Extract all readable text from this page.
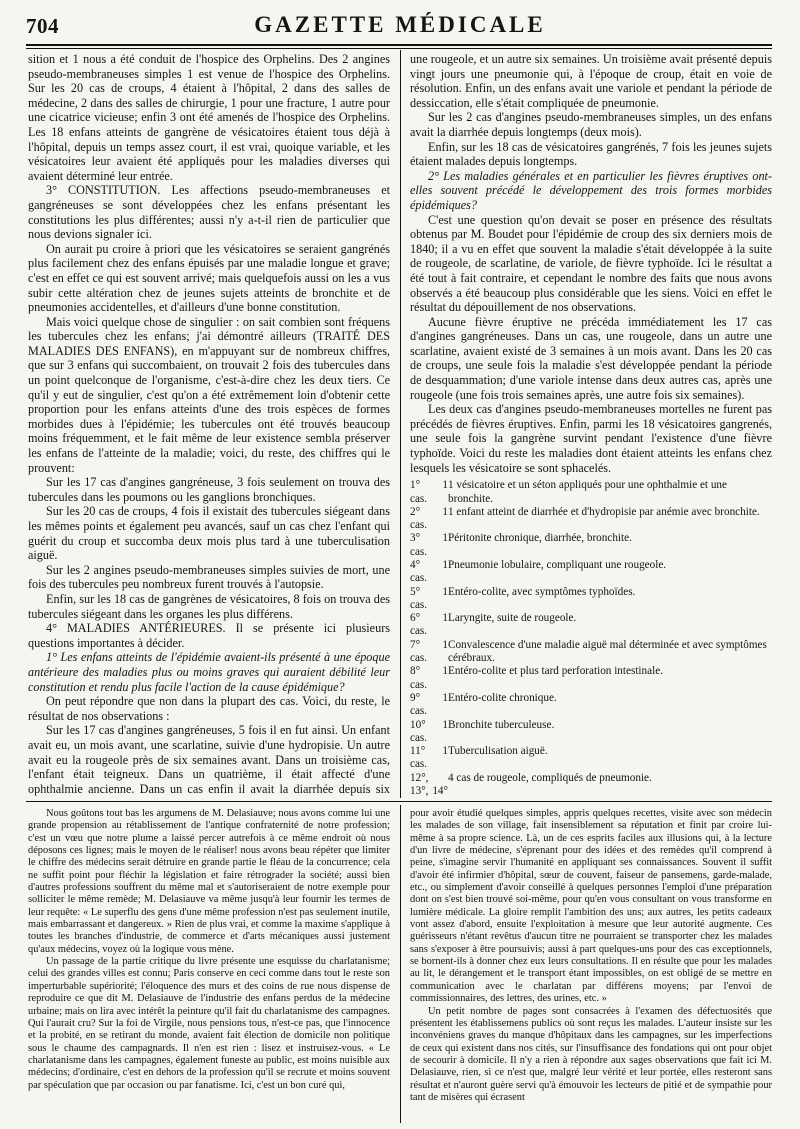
704	GAZETTE MÉDICALE

sition et 1 nous a été conduit de l'hospice des Orphelins. Des 2 angines pseudo-membraneuses simples 1 est venue de l'hospice des Orphelins. Sur les 20 cas de croups, 4 étaient à l'hôpital, 2 dans des salles de médecine, 2 dans des salles de chirurgie, 1 pour une fracture, 1 autre pour une cicatrice vicieuse; enfin 3 ont été amenés de l'hospice des Orphelins. Les 18 enfans atteints de gangrène de vésicatoires étaient tous déjà à l'hôpital, depuis un temps assez court, il est vrai, quoique variable, et les vésicatoires leur avaient été appliqués pour les maladies diverses qui avaient déterminé leur entrée.

3° CONSTITUTION. Les affections pseudo-membraneuses et gangréneuses se sont développées chez les enfans présentant les constitutions les plus différentes; aussi n'y a-t-il rien de particulier que nous devions signaler ici.

On aurait pu croire à priori que les vésicatoires se seraient gangrénés plus facilement chez des enfans épuisés par une maladie longue et grave; c'est en effet ce qui est souvent arrivé; mais quelquefois aussi on les a vus subir cette altération chez de jeunes sujets atteints de bronchite et de pneumonies accidentelles, et d'ailleurs d'une bonne constitution.

Mais voici quelque chose de singulier : on sait combien sont fréquens les tubercules chez les enfans; j'ai démontré ailleurs (TRAITÉ DES MALADIES DES ENFANS), en m'appuyant sur de nombreux chiffres, que sur 3 enfans qui succombaient, on trouvait 2 fois des tubercules dans un point quelconque de l'organisme, c'est-à-dire chez les deux tiers. Ce qu'il y eut de singulier, c'est qu'on a été extrêmement loin d'obtenir cette proportion pour les enfans atteints d'une des trois espèces de formes morbides dues à l'épidémie; les tubercules ont été trouvés beaucoup moins fréquemment, et le fait même de leur existence sembla préserver les enfans de l'atteinte de la maladie; voici, du reste, des chiffres qui le prouvent:

Sur les 17 cas d'angines gangréneuse, 3 fois seulement on trouva des tubercules dans les poumons ou les ganglions bronchiques.

Sur les 20 cas de croups, 4 fois il existait des tubercules siégeant dans les mêmes points et également peu avancés, sauf un cas chez l'enfant qui guérit du croup et succomba deux mois plus tard à une tuberculisation aiguë.

Sur les 2 angines pseudo-membraneuses simples suivies de mort, une fois des tubercules peu nombreux furent trouvés à l'autopsie.

Enfin, sur les 18 cas de gangrènes de vésicatoires, 8 fois on trouva des tubercules siégeant dans les organes les plus différens.

4° MALADIES ANTÉRIEURES. Il se présente ici plusieurs questions importantes à décider.

1° Les enfans atteints de l'épidémie avaient-ils présenté à une époque antérieure des maladies plus ou moins graves qui auraient débilité leur constitution et rendu plus facile l'action de la cause épidémique?

On peut répondre que non dans la plupart des cas. Voici, du reste, le résultat de nos observations :

Sur les 17 cas d'angines gangréneuses, 5 fois il en fut ainsi. Un enfant avait eu, un mois avant, une scarlatine, suivie d'une hydropisie. Un autre avait eu la rougeole près de six semaines avant. Dans un troisième cas, l'enfant était teigneux. Dans un quatrième, il était affecté d'une ophthalmie ancienne. Dans un cas enfin il avait la diarrhée depuis six

une rougeole, et un autre six semaines. Un troisième avait présenté depuis vingt jours une pneumonie qui, à l'époque de croup, était en voie de résolution. Enfin, un des enfans avait une variole et pendant la période de dessiccation, elle s'était compliquée de pneumonie.

Sur les 2 cas d'angines pseudo-membraneuses simples, un des enfans avait la diarrhée depuis longtemps (deux mois).

Enfin, sur les 18 cas de vésicatoires gangrénés, 7 fois les jeunes sujets étaient malades depuis longtemps.

2° Les maladies générales et en particulier les fièvres éruptives ont-elles souvent précédé le développement des trois formes morbides épidémiques?

C'est une question qu'on devait se poser en présence des résultats obtenus par M. Boudet pour l'épidémie de croup des six derniers mois de 1840; il a vu en effet que souvent la maladie s'était développée à la suite de rougeole, de scarlatine, de variole, de fièvre typhoïde. Ici le résultat a été tout à fait contraire, et cependant le nombre des faits que nous avons observés a été beaucoup plus considérable que les siens. Voici en effet le résultat du dépouillement de nos observations.

Aucune fièvre éruptive ne précéda immédiatement les 17 cas d'angines gangréneuses. Dans un cas, une rougeole, dans un autre une scarlatine, avaient existé de 3 semaines à un mois avant. Dans les 20 cas de croups, une seule fois la maladie s'est développée pendant la période de desquammation; d'une variole intense dans deux autres cas, après une rougeole (une fois trois semaines après, une autre fois six semaines).

Les deux cas d'angines pseudo-membraneuses mortelles ne furent pas précédés de fièvres éruptives. Enfin, parmi les 18 vésicatoires gangrenés, une seule fois la gangrène survint pendant l'existence d'une fièvre typhoïde. Voici du reste les maladies dont étaient atteints les enfans chez lesquels les vésicatoire se sont sphacelés.

1° 1 cas.
1 vésicatoire et un séton appliqués pour une ophthalmie et une bronchite.
2° 1 cas.
1 enfant atteint de diarrhée et d'hydropisie par anémie avec bronchite.
3° 1 cas.
Péritonite chronique, diarrhée, bronchite.
4° 1 cas.
Pneumonie lobulaire, compliquant une rougeole.
5° 1 cas.
Entéro-colite, avec symptômes typhoïdes.
6° 1 cas.
Laryngite, suite de rougeole.
7° 1 cas.
Convalescence d'une maladie aiguë mal déterminée et avec symptômes cérébraux.
8° 1 cas.
Entéro-colite et plus tard perforation intestinale.
9° 1 cas.
Entéro-colite chronique.
10° 1 cas.
Bronchite tuberculeuse.
11° 1 cas.
Tuberculisation aiguë.
12°, 13°, 14°
4 cas de rougeole, compliqués de pneumonie.

Nous goûtons tout bas les argumens de M. Delasiauve; nous avons comme lui une grande propension au rétablissement de l'antique confraternité de notre profession; c'est un vœu que notre plume a laissé percer autrefois à ce même endroit où nous déposons ces lignes; mais le moyen de le réaliser! nous avons beau répéter que limiter le chiffre des médecins serait détruire en grande partie le fléau de la concurrence; cela ne suffit point pour fléchir la législation et faire rétrograder la société; aussi bien d'autres professions souffrent du même mal et s'autoriseraient de notre exemple pour solliciter le même remède; M. Delasiauve va même jusqu'à leur fournir les termes de leur requête: « Le superflu des gens d'une même profession n'est pas seulement inutile, mais embarrassant et dangereux. » Rien de plus vrai, et comme la maxime s'applique à toutes les branches d'industrie, de commerce et d'arts mécaniques aussi justement qu'aux médecins, voyez où la logique vous mène.

Un passage de la partie critique du livre présente une esquisse du charlatanisme; celui des grandes villes est connu; Paris conserve en ceci comme dans tout le reste son imperturbable supériorité; l'éloquence des murs et des coins de rue nous dispense de reproduire ce que dit M. Delasiauve de l'industrie des enfans perdus de la médecine urbaine; mais on lira avec intérêt la peinture qu'il fait du charlatanisme des campagnes. Qui l'aurait cru? Sur la foi de Virgile, nous pensions tous, n'est-ce pas, que l'innocence et la probité, en se retirant du monde, avaient fait élection de domicile non politique sous le chaume des campagnards. Il n'en est rien : lisez et instruisez-vous. « Le charlatanisme dans les campagnes, également funeste au public, est moins nuisible aux médecins; d'ordinaire, c'est en dehors de la profession qu'il se recrute et moins souvent par spéculation que par occasion ou par fanatisme. Ici, c'est un bon curé qui,

pour avoir étudié quelques simples, appris quelques recettes, visite avec son médecin les malades de son village, fait insensiblement sa réputation et finit par croire lui-même à sa propre science. Là, un de ces esprits faciles aux illusions qui, à la lecture d'un livre de médecine, s'éprenant pour des idées et des remèdes qu'il comprend à peine, s'imagine servir l'humanité en appliquant ses connaissances. Souvent il suffit d'avoir été infirmier d'hôpital, sœur de couvent, faiseur de pansemens, garde-malade, etc., ou simplement d'avoir conseillé à quelques personnes l'emploi d'une préparation dont on s'est bien trouvé soi-même, pour qu'en vous consultant on vous transforme en lumière médicale. La gloire remplit l'ambition des uns; aux autres, les petits cadeaux vont assez d'abord, ensuite l'exploitation à mesure que leur autorité augmente. Ces guérisseurs n'étant revêtus d'aucun titre ne pourraient se transporter chez les malades sans s'exposer à être poursuivis; aussi à part quelques-uns pour des cas exceptionnels, se bornent-ils à donner chez eux leurs consultations. Il en résulte que pour les malades au lit, le dérangement et le transport étant impossibles, on est obligé de se mettre en communication avec le charlatan par différens moyens; par l'envoi de commissionnaires, des lettres, des urines, etc. »

Un petit nombre de pages sont consacrées à l'examen des défectuosités que présentent les établissemens publics où sont reçus les malades. L'auteur insiste sur les inconvéniens graves du manque d'hôpitaux dans les campagnes, sur les imperfections de ceux qui existent dans nos cités, sur l'insuffisance des fondations qui ont pour objet de secourir à domicile. Il n'y a rien à répondre aux sages observations que fait ici M. Delasiauve, rien, si ce n'est que, malgré leur vérité et leur portée, elles resteront sans résultat et n'auront guère servi qu'à émouvoir les lecteurs de pitié et de sympathie pour tant de misères qui écrasent
